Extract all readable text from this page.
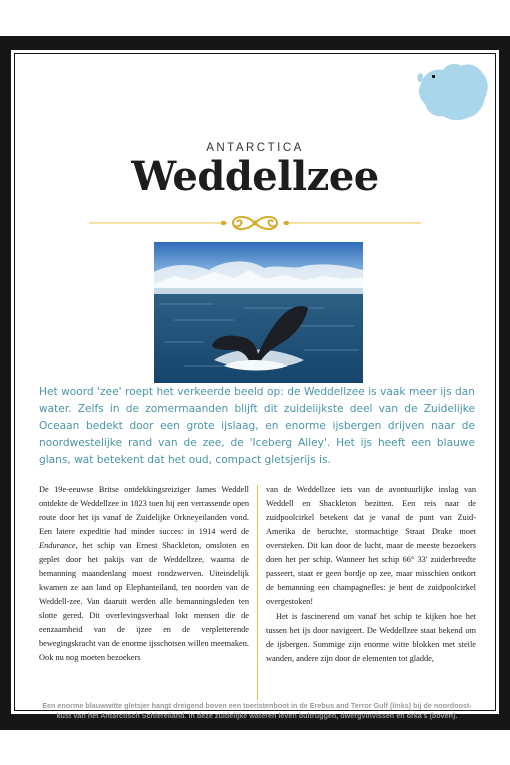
ANTARCTICA
Weddellzee
Het woord 'zee' roept het verkeerde beeld op: de Weddellzee is vaak meer ijs dan water. Zelfs in de zomermaanden blijft dit zuidelijkste deel van de Zuidelijke Oceaan bedekt door een grote ijslaag, en enorme ijsbergen drijven naar de noordwestelijke rand van de zee, de 'Iceberg Alley'. Het ijs heeft een blauwe glans, wat betekent dat het oud, compact gletsjerijs is.

De 19e-eeuwse Britse ontdekkingsreiziger James Weddell ontdekte de Weddellzee in 1823 toen hij een verrassende open route door het ijs vanaf de Zuidelijke Orkneyeilanden vond. Een latere expeditie had minder succes: in 1914 werd de Endurance, het schip van Ernest Shackleton, omsloten en geplet door het pakijs van de Weddellzee, waarna de bemanning maandenlang moest rondzwerven. Uiteindelijk kwamen ze aan land op Elephanteiland, ten noorden van de Weddell-zee. Van daaruit werden alle bemanningsleden ten slotte gered. Dit overlevingsverhaal lokt mensen die de eenzaamheid van de ijzee en de verpletterende bewegingskracht van de enorme ijsschotsen willen meemaken. Ook nu nog moeten bezoekers

van de Weddellzee iets van de avontuurlijke inslag van Weddell en Shackleton bezitten. Een reis naar de zuidpoolcirkel betekent dat je vanaf de punt van Zuid-Amerika de beruchte, stormachtige Straat Drake moet oversteken. Dit kan door de lucht, maar de meeste bezoekers doen het per schip. Wanneer het schip 66° 33' zuiderbreedte passeert, staat er geen bordje op zee, maar misschien ontkort de bemanning een champagnefles: je bent de zuidpoolcirkel overgestoken!

Het is fascinerend om vanaf het schip te kijken hoe het tussen het ijs door navigeert. De Weddellzee staat bekend om de ijsbergen. Sommige zijn enorme witte blokken met steile wanden, andere zijn door de elementen tot gladde,

Een enorme blauwwitte gletsjer hangt dreigend boven een toeristenboot in de Erebus and Terror Gulf (links) bij de noordoost-kust van het Antarctisch Schiereiland. In deze zuidelijke wateren leven bultruggen, dwergvinvissen en orka's (boven).
